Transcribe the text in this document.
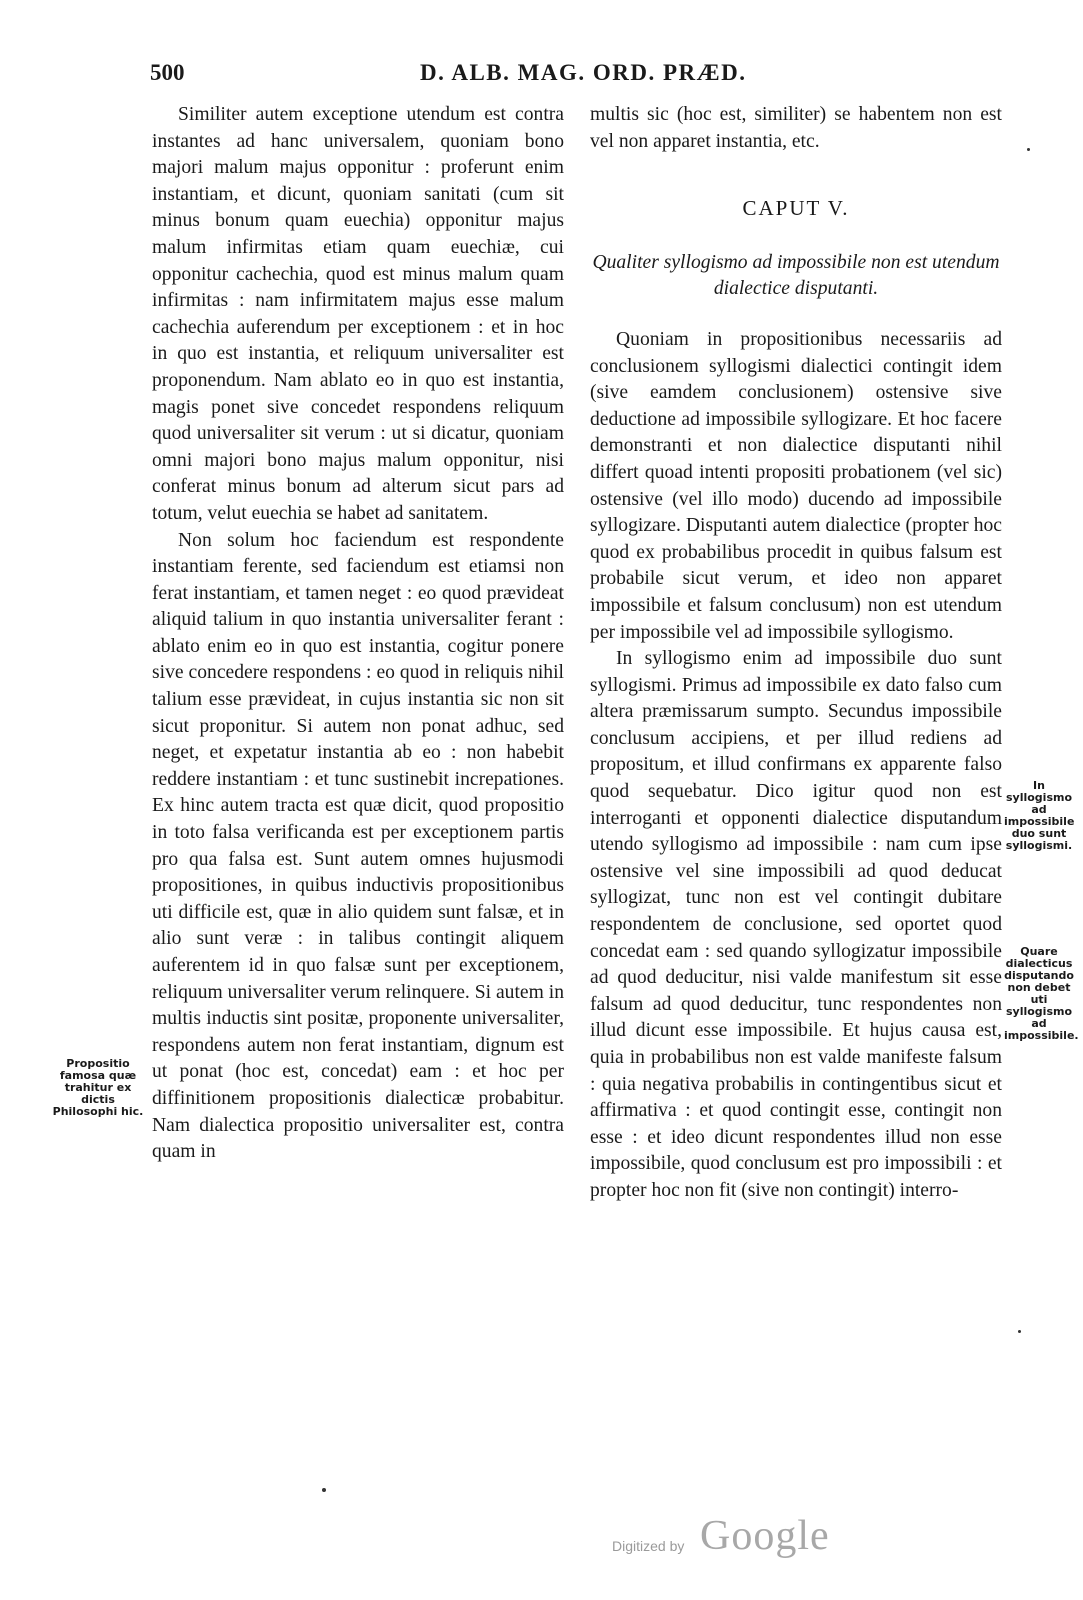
500	D. ALB. MAG. ORD. PRÆD.

Similiter autem exceptione utendum est contra instantes ad hanc universalem, quoniam bono majori malum majus opponitur : proferunt enim instantiam, et dicunt, quoniam sanitati (cum sit minus bonum quam euechia) opponitur majus malum infirmitas etiam quam euechiæ, cui opponitur cachechia, quod est minus malum quam infirmitas : nam infirmitatem majus esse malum cachechia auferendum per exceptionem : et in hoc in quo est instantia, et reliquum universaliter est proponendum. Nam ablato eo in quo est instantia, magis ponet sive concedet respondens reliquum quod universaliter sit verum : ut si dicatur, quoniam omni majori bono majus malum opponitur, nisi conferat minus bonum ad alterum sicut pars ad totum, velut euechia se habet ad sanitatem.

Non solum hoc faciendum est respondente instantiam ferente, sed faciendum est etiamsi non ferat instantiam, et tamen neget : eo quod prævideat aliquid talium in quo instantia universaliter ferant : ablato enim eo in quo est instantia, cogitur ponere sive concedere respondens : eo quod in reliquis nihil talium esse prævideat, in cujus instantia sic non sit sicut proponitur. Si autem non ponat adhuc, sed neget, et expetatur instantia ab eo : non habebit reddere instantiam : et tunc sustinebit increpationes. Ex hinc autem tracta est quæ dicit, quod propositio in toto falsa verificanda est per exceptionem partis pro qua falsa est. Sunt autem omnes hujusmodi propositiones, in quibus inductivis propositionibus uti difficile est, quæ in alio quidem sunt falsæ, et in alio sunt veræ : in talibus contingit aliquem auferentem id in quo falsæ sunt per exceptionem, reliquum universaliter verum relinquere. Si autem in multis inductis sint positæ, proponente universaliter, respondens autem non ferat instantiam, dignum est ut ponat (hoc est, concedat) eam : et hoc per diffinitionem propositionis dialecticæ probabitur. Nam dialectica propositio universaliter est, contra quam in

multis sic (hoc est, similiter) se habentem non est vel non apparet instantia, etc.

CAPUT V.
Qualiter syllogismo ad impossibile non est utendum dialectice disputanti.

Quoniam in propositionibus necessariis ad conclusionem syllogismi dialectici contingit idem (sive eamdem conclusionem) ostensive sive deductione ad impossibile syllogizare. Et hoc facere demonstranti et non dialectice disputanti nihil differt quoad intenti propositi probationem (vel sic) ostensive (vel illo modo) ducendo ad impossibile syllogizare. Disputanti autem dialectice (propter hoc quod ex probabilibus procedit in quibus falsum est probabile sicut verum, et ideo non apparet impossibile et falsum conclusum) non est utendum per impossibile vel ad impossibile syllogismo.

In syllogismo enim ad impossibile duo sunt syllogismi. Primus ad impossibile ex dato falso cum altera præmissarum sumpto. Secundus impossibile conclusum accipiens, et per illud rediens ad propositum, et illud confirmans ex apparente falso quod sequebatur. Dico igitur quod non est interroganti et opponenti dialectice disputandum utendo syllogismo ad impossibile : nam cum ipse ostensive vel sine impossibili ad quod deducat syllogizat, tunc non est vel contingit dubitare respondentem de conclusione, sed oportet quod concedat eam : sed quando syllogizatur impossibile ad quod deducitur, nisi valde manifestum sit esse falsum ad quod deducitur, tunc respondentes non illud dicunt esse impossibile. Et hujus causa est, quia in probabilibus non est valde manifeste falsum : quia negativa probabilis in contingentibus sicut et affirmativa : et quod contingit esse, contingit non esse : et ideo dicunt respondentes illud non esse impossibile, quod conclusum est pro impossibili : et propter hoc non fit (sive non contingit) interro-

Propositio famosa quæ trahitur ex dictis Philosophi hic.
In syllogismo ad impossibile duo sunt syllogismi.
Quare dialecticus disputando non debet uti syllogismo ad impossibile.
Digitized by Google
